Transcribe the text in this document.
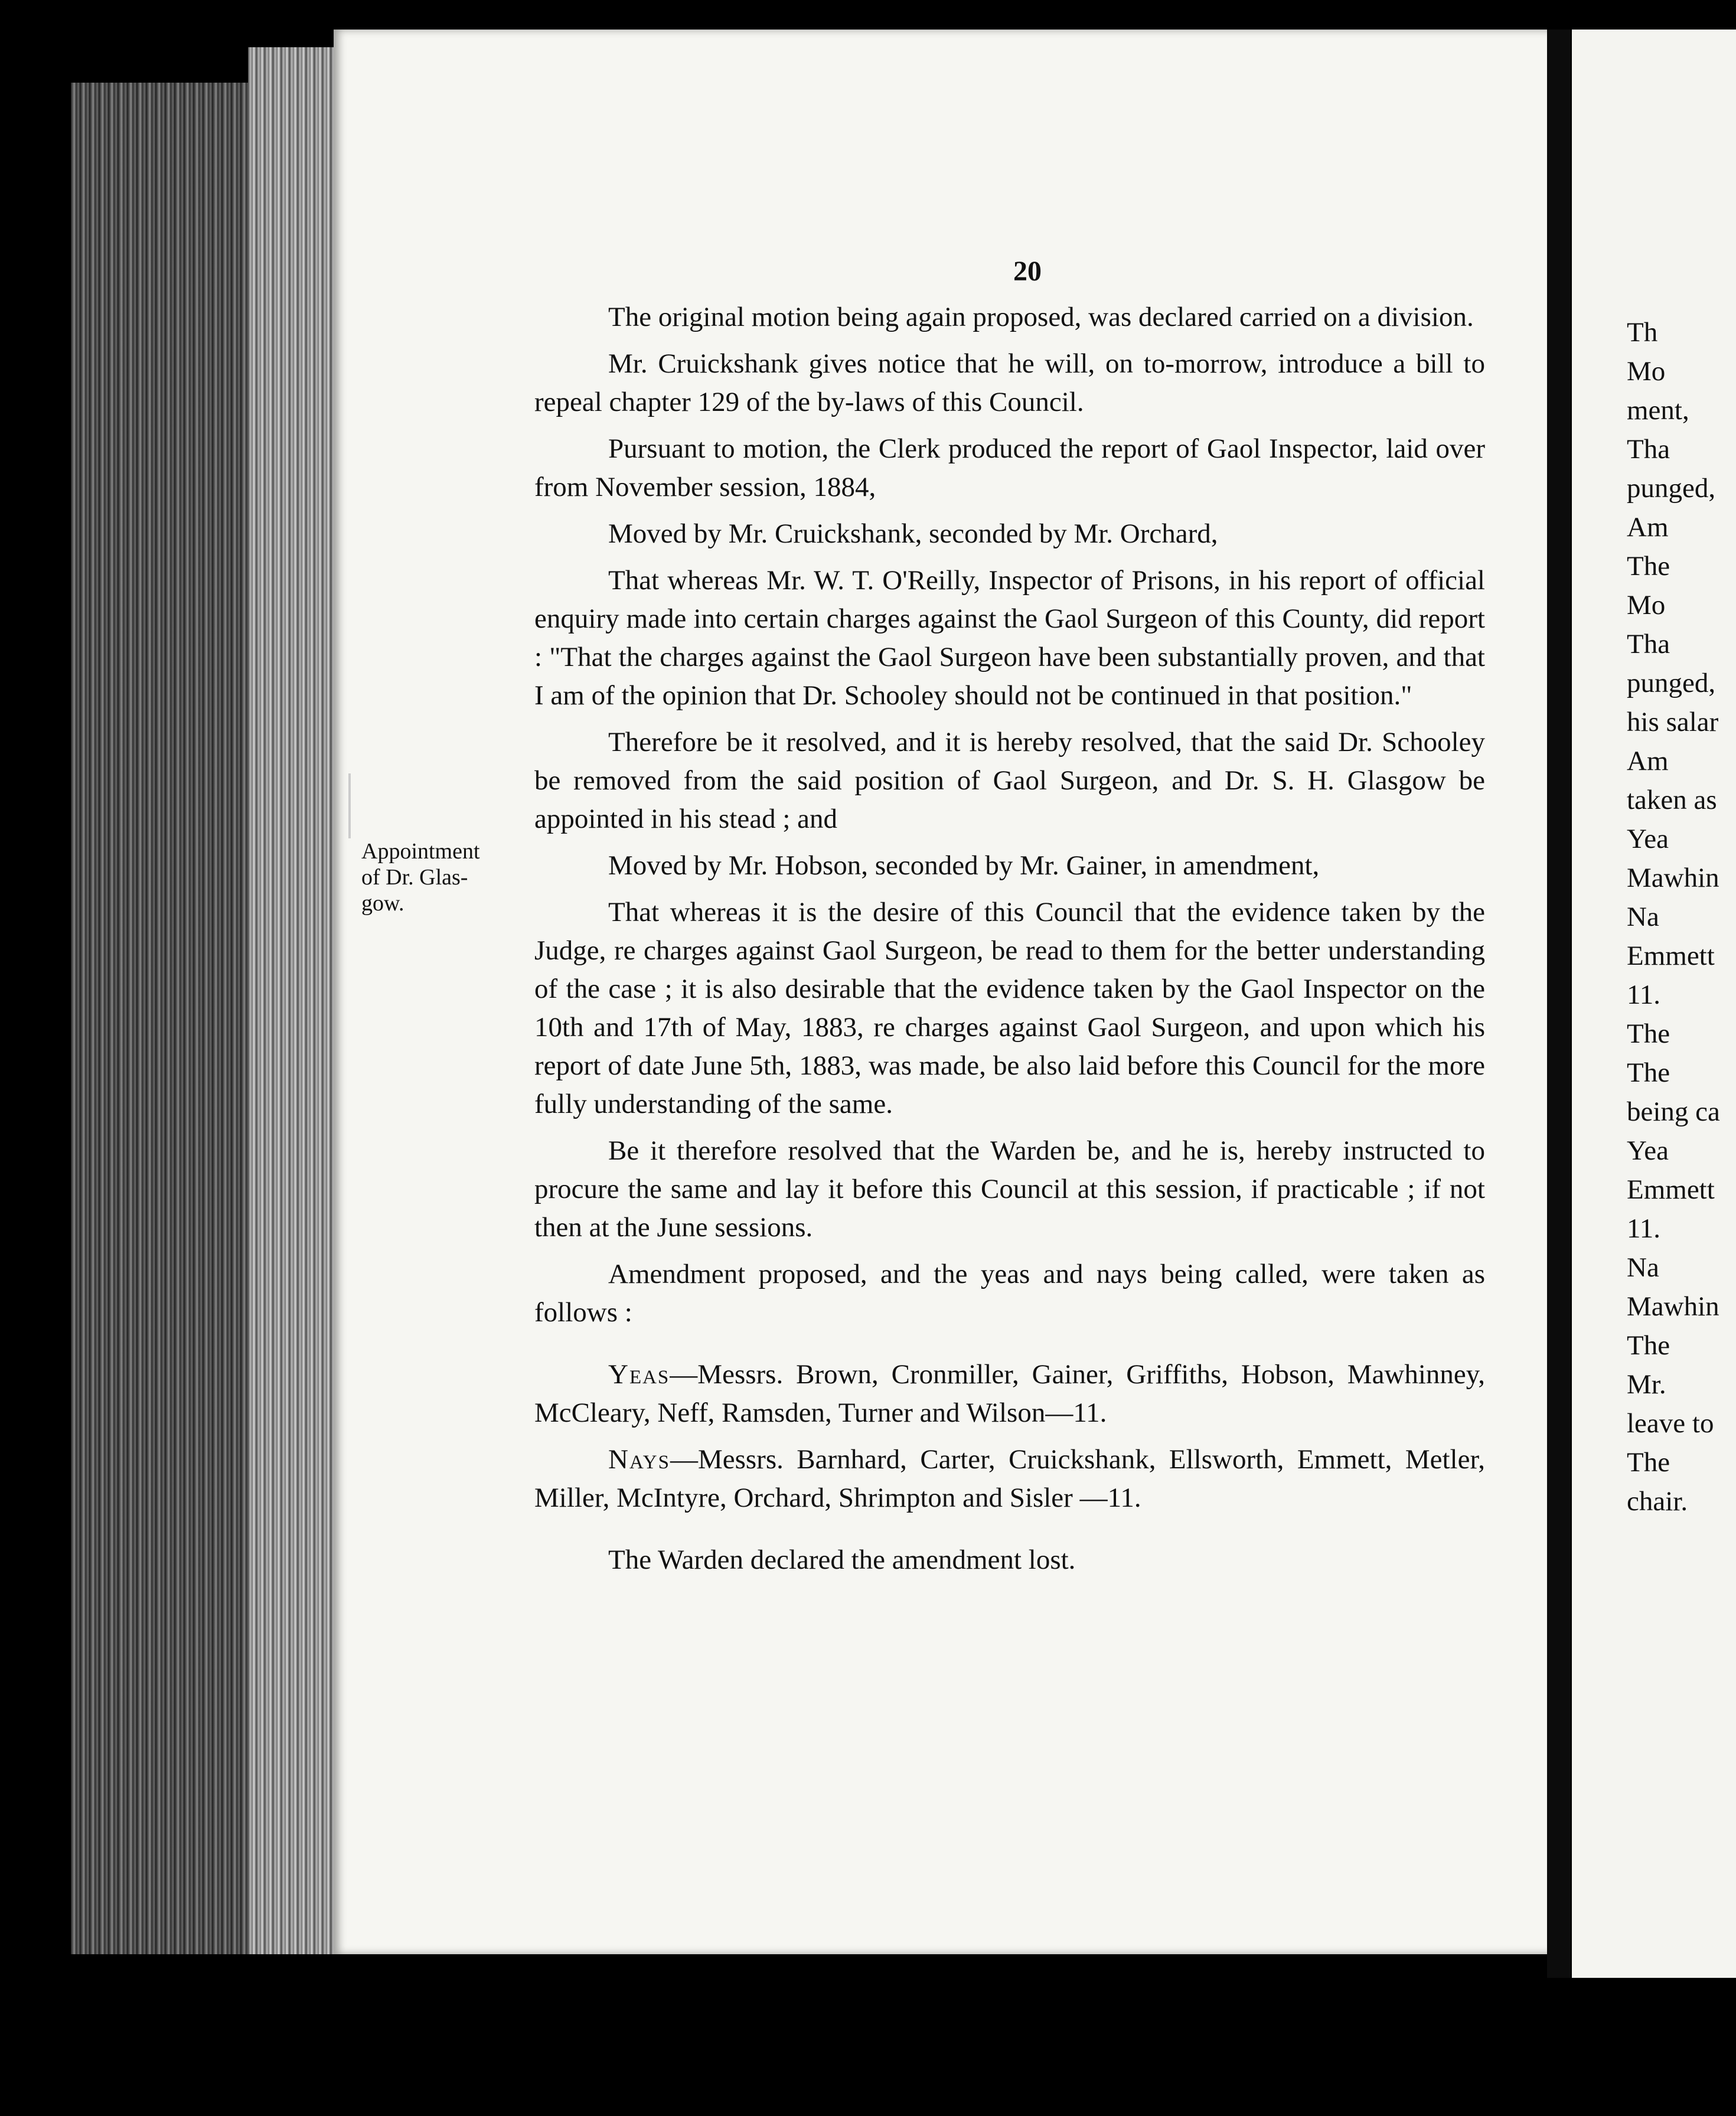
20
Appointment
of Dr. Glas-
gow.

The original motion being again proposed, was declared carried on a division.

Mr. Cruickshank gives notice that he will, on to-morrow, introduce a bill to repeal chapter 129 of the by-laws of this Council.

Pursuant to motion, the Clerk produced the report of Gaol Inspector, laid over from November session, 1884,

Moved by Mr. Cruickshank, seconded by Mr. Orchard,

That whereas Mr. W. T. O'Reilly, Inspector of Prisons, in his report of official enquiry made into certain charges against the Gaol Surgeon of this County, did report : "That the charges against the Gaol Surgeon have been substantially proven, and that I am of the opinion that Dr. Schooley should not be continued in that position."

Therefore be it resolved, and it is hereby resolved, that the said Dr. Schooley be removed from the said position of Gaol Surgeon, and Dr. S. H. Glasgow be appointed in his stead ; and

Moved by Mr. Hobson, seconded by Mr. Gainer, in amendment,

That whereas it is the desire of this Council that the evidence taken by the Judge, re charges against Gaol Surgeon, be read to them for the better understanding of the case ; it is also desirable that the evidence taken by the Gaol Inspector on the 10th and 17th of May, 1883, re charges against Gaol Surgeon, and upon which his report of date June 5th, 1883, was made, be also laid before this Council for the more fully understanding of the same.

Be it therefore resolved that the Warden be, and he is, hereby instructed to procure the same and lay it before this Council at this session, if practicable ; if not then at the June sessions.

Amendment proposed, and the yeas and nays being called, were taken as follows :

Yeas—Messrs. Brown, Cronmiller, Gainer, Griffiths, Hobson, Mawhinney, McCleary, Neff, Ramsden, Turner and Wilson—11.

Nays—Messrs. Barnhard, Carter, Cruickshank, Ellsworth, Emmett, Metler, Miller, McIntyre, Orchard, Shrimpton and Sisler —11.

The Warden declared the amendment lost.

Th
Mo
ment,
Tha
punged,
Am
The
Mo
Tha
punged,
his salar
Am
taken as
Yea
Mawhin
Na
Emmett
11.
The
The
being ca
Yea
Emmett
11.
Na
Mawhin
The
Mr.
leave to
The
chair.
